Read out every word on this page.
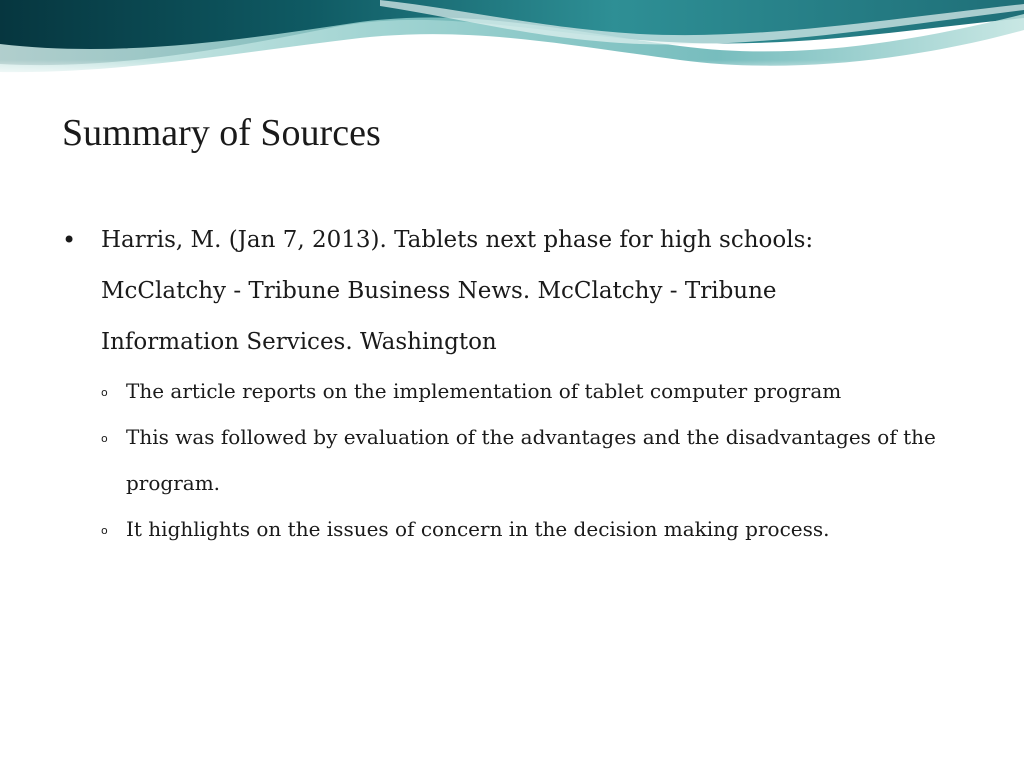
Summary of Sources
• Harris, M. (Jan 7, 2013). Tablets next phase for high schools: McClatchy - Tribune Business News. McClatchy - Tribune Information Services. Washington
o The article reports on the implementation of tablet computer program
o This was followed by evaluation of the advantages and the disadvantages of the program.
o It highlights on the issues of concern in the decision making process.
